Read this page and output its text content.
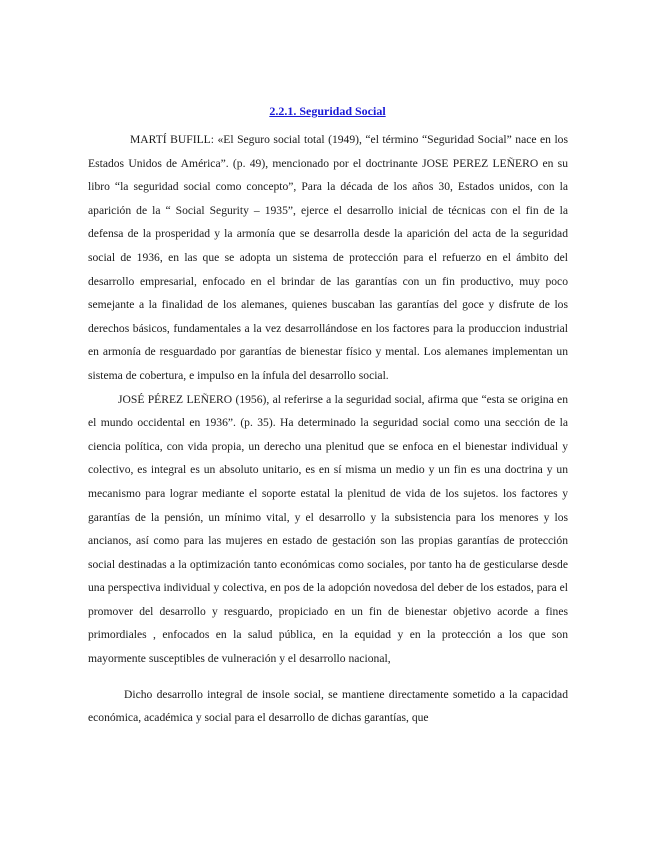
2.2.1. Seguridad Social

MARTÍ BUFILL: «El Seguro social total (1949), “el término “Seguridad Social” nace en los Estados Unidos de América”. (p. 49), mencionado por el doctrinante JOSE PEREZ LEÑERO en su libro “la seguridad social como concepto”, Para la década de los años 30, Estados unidos, con la aparición de la “ Social Segurity – 1935”, ejerce el desarrollo inicial de técnicas con el fin de la defensa de la prosperidad y la armonía que se desarrolla desde la aparición del acta de la seguridad social de 1936, en las que se adopta un sistema de protección para el refuerzo en el ámbito del desarrollo empresarial, enfocado en el brindar de las garantías con un fin productivo, muy poco semejante a la finalidad de los alemanes, quienes buscaban las garantías del goce y disfrute de los derechos básicos, fundamentales a la vez desarrollándose en los factores para la produccion industrial en armonía de resguardado por garantías de bienestar físico y mental. Los alemanes implementan un sistema de cobertura, e impulso en la ínfula del desarrollo social.

JOSÉ PÉREZ LEÑERO (1956), al referirse a la seguridad social, afirma que “esta se origina en el mundo occidental en 1936”. (p. 35). Ha determinado la seguridad social como una sección de la ciencia política, con vida propia, un derecho una plenitud que se enfoca en el bienestar individual y colectivo, es integral es un absoluto unitario, es en sí misma un medio y un fin es una doctrina y un mecanismo para lograr mediante el soporte estatal la plenitud de vida de los sujetos. los factores y garantías de la pensión, un mínimo vital, y el desarrollo y la subsistencia para los menores y los ancianos, así como para las mujeres en estado de gestación son las propias garantías de protección social destinadas a la optimización tanto económicas como sociales, por tanto ha de gesticularse desde una perspectiva individual y colectiva, en pos de la adopción novedosa del deber de los estados, para el promover del desarrollo y resguardo, propiciado en un fin de bienestar objetivo acorde a fines primordiales , enfocados en la salud pública, en la equidad y en la protección a los que son mayormente susceptibles de vulneración y el desarrollo nacional,

Dicho desarrollo integral de insole social, se mantiene directamente sometido a la capacidad económica, académica y social para el desarrollo de dichas garantías, que
